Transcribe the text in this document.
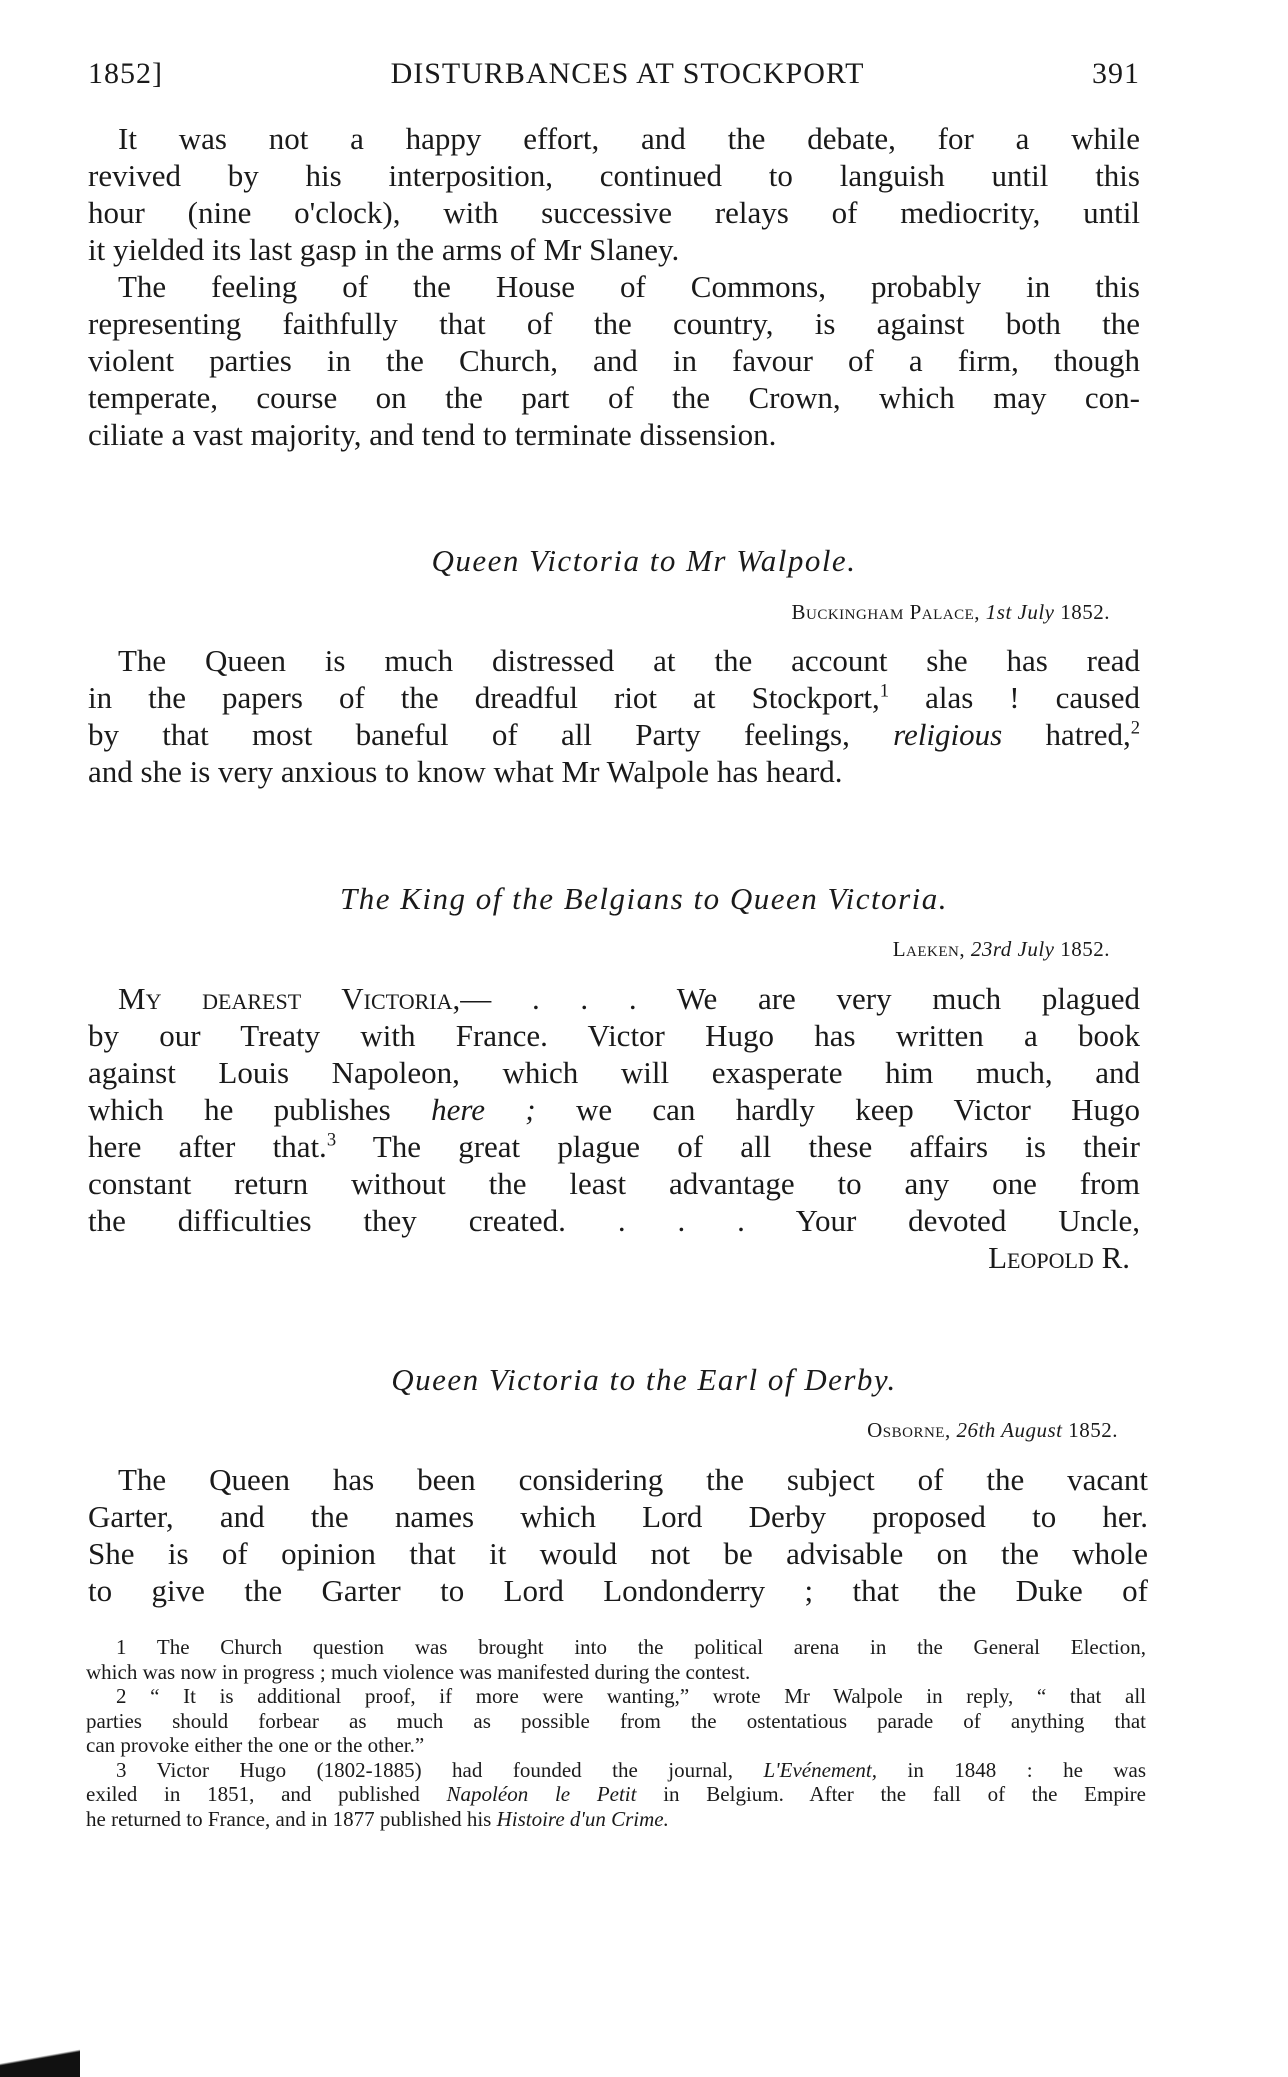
1852]	DISTURBANCES AT STOCKPORT	391
It was not a happy effort, and the debate, for a while
revived by his interposition, continued to languish until this
hour (nine o'clock), with successive relays of mediocrity, until
it yielded its last gasp in the arms of Mr Slaney.
The feeling of the House of Commons, probably in this
representing faithfully that of the country, is against both the
violent parties in the Church, and in favour of a firm, though
temperate, course on the part of the Crown, which may con-
ciliate a vast majority, and tend to terminate dissension.
Queen Victoria to Mr Walpole.
Buckingham Palace, 1st July 1852.
The Queen is much distressed at the account she has read
in the papers of the dreadful riot at Stockport,$^1$ alas ! caused
by that most baneful of all Party feelings, religious hatred,$^2$
and she is very anxious to know what Mr Walpole has heard.
The King of the Belgians to Queen Victoria.
Laeken, 23rd July 1852.
My dearest Victoria,— . . . We are very much plagued
by our Treaty with France. Victor Hugo has written a book
against Louis Napoleon, which will exasperate him much, and
which he publishes here ; we can hardly keep Victor Hugo
here after that.$^3$ The great plague of all these affairs is their
constant return without the least advantage to any one from
the difficulties they created. . . . Your devoted Uncle,
Leopold R.
Queen Victoria to the Earl of Derby.
Osborne, 26th August 1852.
The Queen has been considering the subject of the vacant
Garter, and the names which Lord Derby proposed to her.
She is of opinion that it would not be advisable on the whole
to give the Garter to Lord Londonderry ; that the Duke of
1 The Church question was brought into the political arena in the General Election,
which was now in progress ; much violence was manifested during the contest.
2 “ It is additional proof, if more were wanting,” wrote Mr Walpole in reply, “ that all
parties should forbear as much as possible from the ostentatious parade of anything that
can provoke either the one or the other.”
3 Victor Hugo (1802-1885) had founded the journal, L'Evénement, in 1848 : he was
exiled in 1851, and published Napoléon le Petit in Belgium. After the fall of the Empire
he returned to France, and in 1877 published his Histoire d'un Crime.
